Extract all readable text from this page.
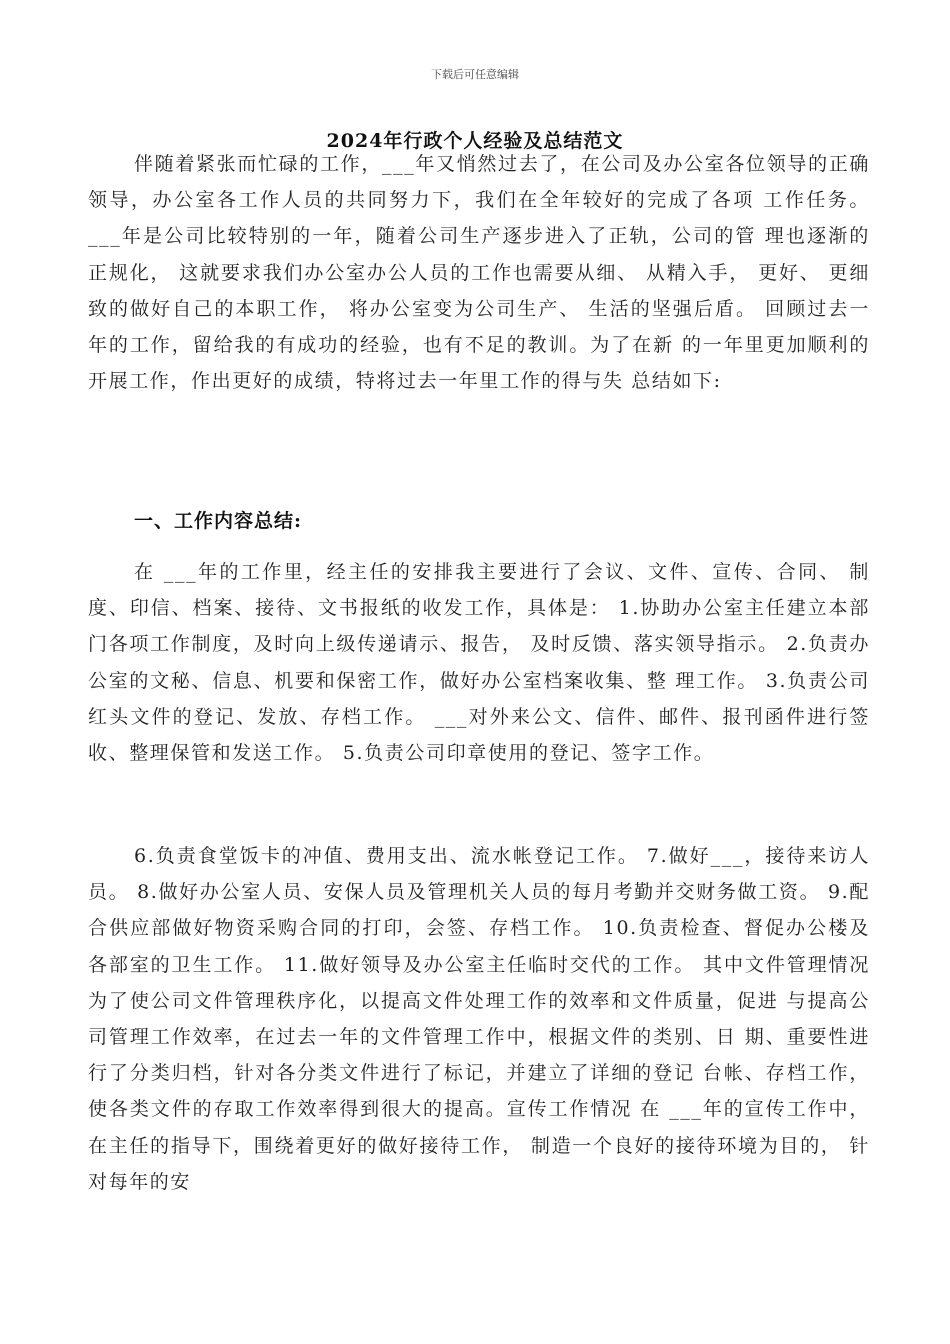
下载后可任意编辑
2024年行政个人经验及总结范文

伴随着紧张而忙碌的工作，___年又悄然过去了，在公司及办公室各位领导的正确领导，办公室各工作人员的共同努力下，我们在全年较好的完成了各项 工作任务。 ___年是公司比较特别的一年，随着公司生产逐步进入了正轨，公司的管 理也逐渐的正规化， 这就要求我们办公室办公人员的工作也需要从细、 从精入手， 更好、 更细致的做好自己的本职工作， 将办公室变为公司生产、 生活的坚强后盾。 回顾过去一年的工作，留给我的有成功的经验，也有不足的教训。为了在新 的一年里更加顺利的开展工作，作出更好的成绩，特将过去一年里工作的得与失 总结如下:

一、工作内容总结:

在 ___年的工作里，经主任的安排我主要进行了会议、文件、宣传、合同、 制度、印信、档案、接待、文书报纸的收发工作，具体是： 1.协助办公室主任建立本部门各项工作制度，及时向上级传递请示、报告， 及时反馈、落实领导指示。 2.负责办公室的文秘、信息、机要和保密工作，做好办公室档案收集、整 理工作。 3.负责公司红头文件的登记、发放、存档工作。 ___对外来公文、信件、邮件、报刊函件进行签收、整理保管和发送工作。 5.负责公司印章使用的登记、签字工作。

6.负责食堂饭卡的冲值、费用支出、流水帐登记工作。 7.做好___，接待来访人员。 8.做好办公室人员、安保人员及管理机关人员的每月考勤并交财务做工资。 9.配合供应部做好物资采购合同的打印，会签、存档工作。 10.负责检查、督促办公楼及各部室的卫生工作。 11.做好领导及办公室主任临时交代的工作。 其中文件管理情况 为了使公司文件管理秩序化，以提高文件处理工作的效率和文件质量，促进 与提高公司管理工作效率，在过去一年的文件管理工作中，根据文件的类别、日 期、重要性进行了分类归档，针对各分类文件进行了标记，并建立了详细的登记 台帐、存档工作，使各类文件的存取工作效率得到很大的提高。宣传工作情况 在 ___年的宣传工作中，在主任的指导下，围绕着更好的做好接待工作， 制造一个良好的接待环境为目的， 针对每年的安
